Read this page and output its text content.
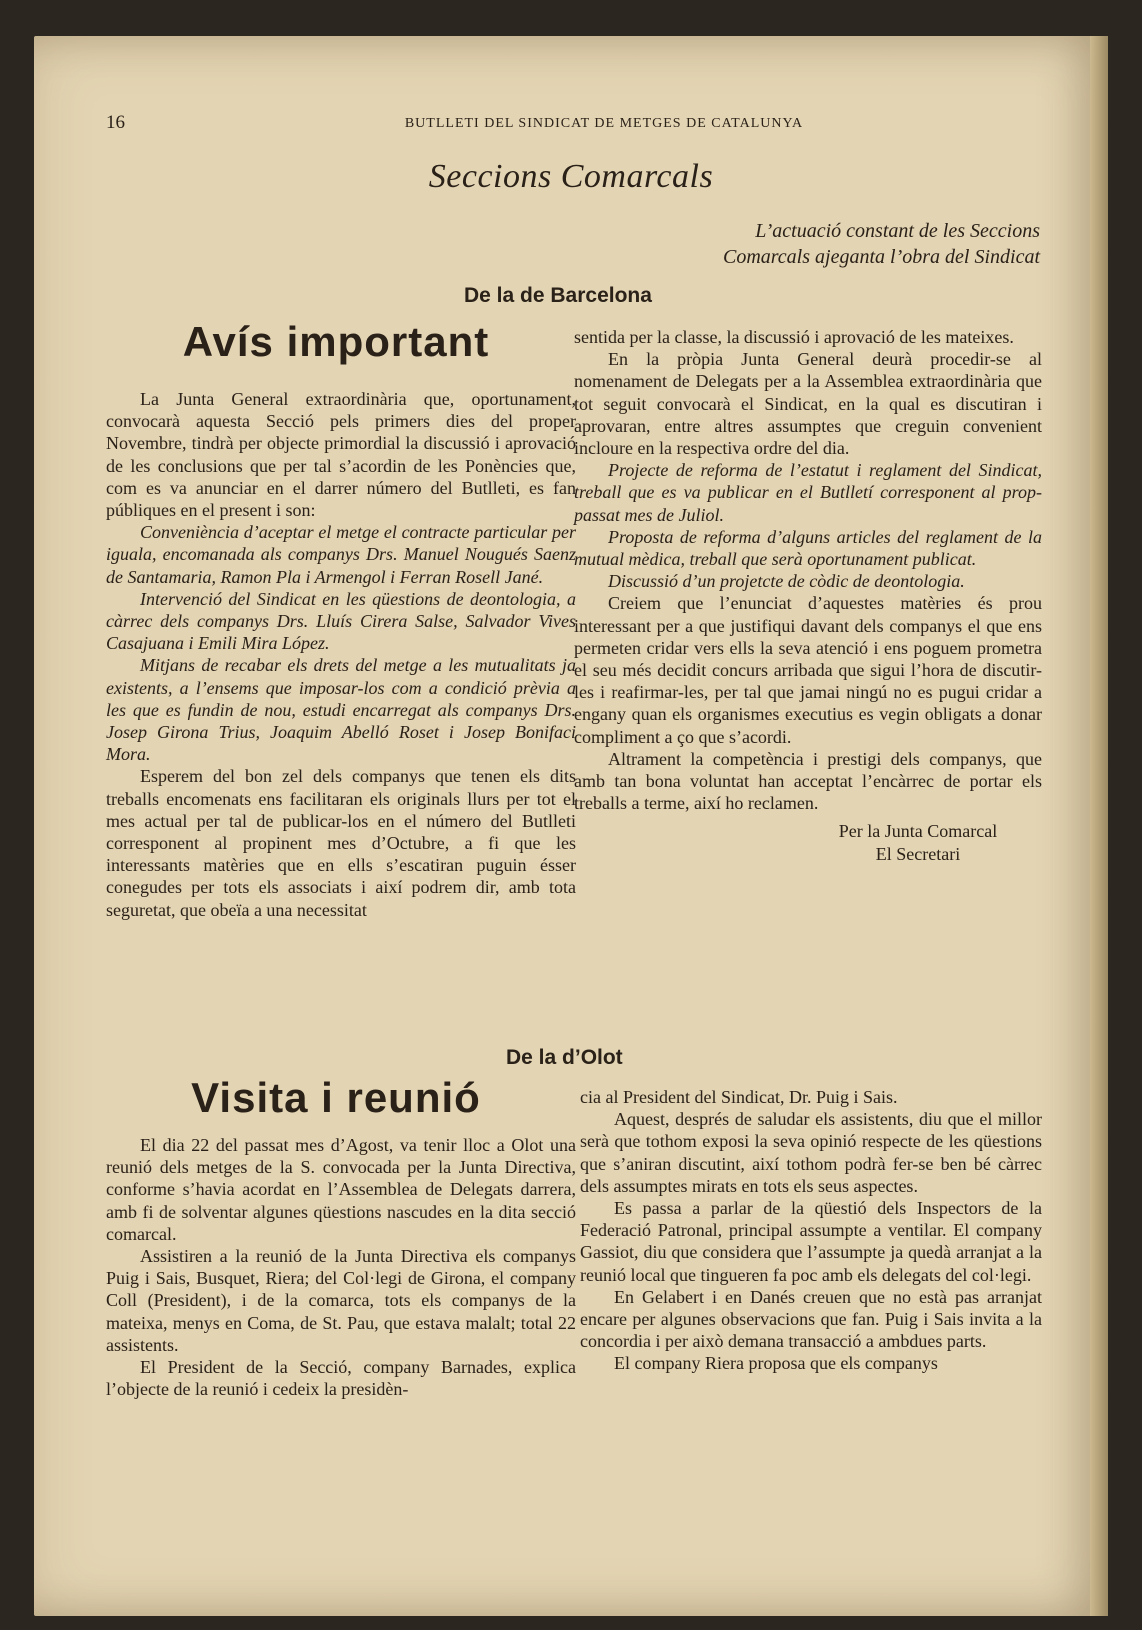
16	BUTLLETI DEL SINDICAT DE METGES DE CATALUNYA
Seccions Comarcals
L’actuació constant de les Seccions
Comarcals ajeganta l’obra del Sindicat
De la de Barcelona
Avís important

La Junta General extraordinària que, oportunament, convocarà aquesta Secció pels primers dies del proper Novembre, tindrà per objecte primordial la discussió i aprovació de les conclusions que per tal s’acordin de les Ponències que, com es va anunciar en el darrer número del Butlleti, es fan públiques en el present i son:

Conveniència d’aceptar el metge el contracte particular per iguala, encomanada als companys Drs. Manuel Nougués Saenz de Santamaria, Ramon Pla i Armengol i Ferran Rosell Jané.

Intervenció del Sindicat en les qüestions de deontologia, a càrrec dels companys Drs. Lluís Cirera Salse, Salvador Vives Casajuana i Emili Mira López.

Mitjans de recabar els drets del metge a les mutualitats ja existents, a l’ensems que imposar-los com a condició prèvia a les que es fundin de nou, estudi encarregat als companys Drs. Josep Girona Trius, Joaquim Abelló Roset i Josep Bonifaci Mora.

Esperem del bon zel dels companys que tenen els dits treballs encomenats ens facilitaran els originals llurs per tot el mes actual per tal de publicar-los en el número del Butlleti corresponent al propinent mes d’Octubre, a fi que les interessants matèries que en ells s’escatiran puguin ésser conegudes per tots els associats i així podrem dir, amb tota seguretat, que obeïa a una necessitat

sentida per la classe, la discussió i aprovació de les mateixes.

En la pròpia Junta General deurà procedir-se al nomenament de Delegats per a la Assemblea extraordinària que tot seguit convocarà el Sindicat, en la qual es discutiran i aprovaran, entre altres assumptes que creguin convenient incloure en la respectiva ordre del dia.

Projecte de reforma de l’estatut i reglament del Sindicat, treball que es va publicar en el Butlletí corresponent al prop-passat mes de Juliol.

Proposta de reforma d’alguns articles del reglament de la mutual mèdica, treball que serà oportunament publicat.

Discussió d’un projetcte de còdic de deontologia.

Creiem que l’enunciat d’aquestes matèries és prou interessant per a que justifiqui davant dels companys el que ens permeten cridar vers ells la seva atenció i ens poguem prometra el seu més decidit concurs arribada que sigui l’hora de discutir-les i reafirmar-les, per tal que jamai ningú no es pugui cridar a engany quan els organismes executius es vegin obligats a donar compliment a ço que s’acordi.

Altrament la competència i prestigi dels companys, que amb tan bona voluntat han acceptat l’encàrrec de portar els treballs a terme, així ho reclamen.

Per la Junta Comarcal
El Secretari
De la d’Olot
Visita i reunió

El dia 22 del passat mes d’Agost, va tenir lloc a Olot una reunió dels metges de la S. convocada per la Junta Directiva, conforme s’havia acordat en l’Assemblea de Delegats darrera, amb fi de solventar algunes qüestions nascudes en la dita secció comarcal.

Assistiren a la reunió de la Junta Directiva els companys Puig i Sais, Busquet, Riera; del Col·legi de Girona, el company Coll (President), i de la comarca, tots els companys de la mateixa, menys en Coma, de St. Pau, que estava malalt; total 22 assistents.

El President de la Secció, company Barnades, explica l’objecte de la reunió i cedeix la presidèn-

cia al President del Sindicat, Dr. Puig i Sais.

Aquest, després de saludar els assistents, diu que el millor serà que tothom exposi la seva opinió respecte de les qüestions que s’aniran discutint, així tothom podrà fer-se ben bé càrrec dels assumptes mirats en tots els seus aspectes.

Es passa a parlar de la qüestió dels Inspectors de la Federació Patronal, principal assumpte a ventilar. El company Gassiot, diu que considera que l’assumpte ja quedà arranjat a la reunió local que tingueren fa poc amb els delegats del col·legi.

En Gelabert i en Danés creuen que no està pas arranjat encare per algunes observacions que fan. Puig i Sais invita a la concordia i per això demana transacció a ambdues parts.

El company Riera proposa que els companys
